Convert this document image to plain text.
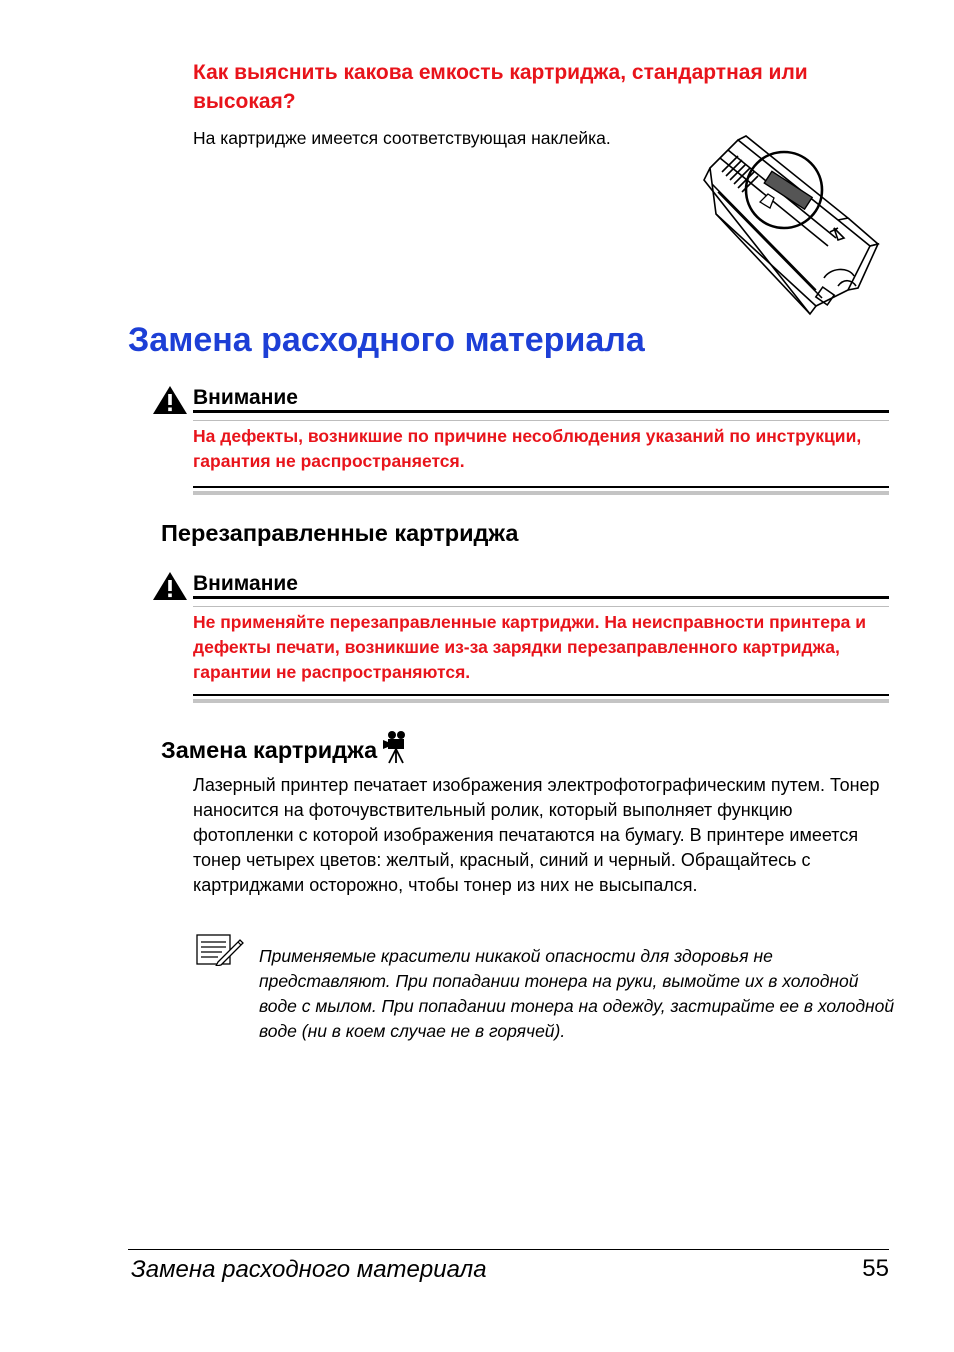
Как выяснить какова емкость картриджа, стандартная или высокая?
На картридже имеется соответствующая наклейка.
Замена расходного материала
Внимание
На дефекты, возникшие по причине несоблюдения указаний по инструкции, гарантия не распространяется.
Перезаправленные картриджа
Внимание
Не применяйте перезаправленные картриджи. На неисправности принтера и дефекты печати, возникшие из-за зарядки перезаправленного картриджа, гарантии не распространяются.
Замена картриджа
Лазерный принтер печатает изображения электрофотографическим путем. Тонер наносится на фоточувствительный ролик, который выполняет функцию фотопленки с которой изображения печатаются на бумагу. В принтере имеется тонер четырех цветов: желтый, красный, синий и черный. Обращайтесь с картриджами осторожно, чтобы тонер из них не высыпался.
Применяемые красители никакой опасности для здоровья не представляют. При попадании тонера на руки, вымойте их в холодной воде с мылом. При попадании тонера на одежду, застирайте ее в холодной воде (ни в коем случае не в горячей).
Замена расходного материала	55
